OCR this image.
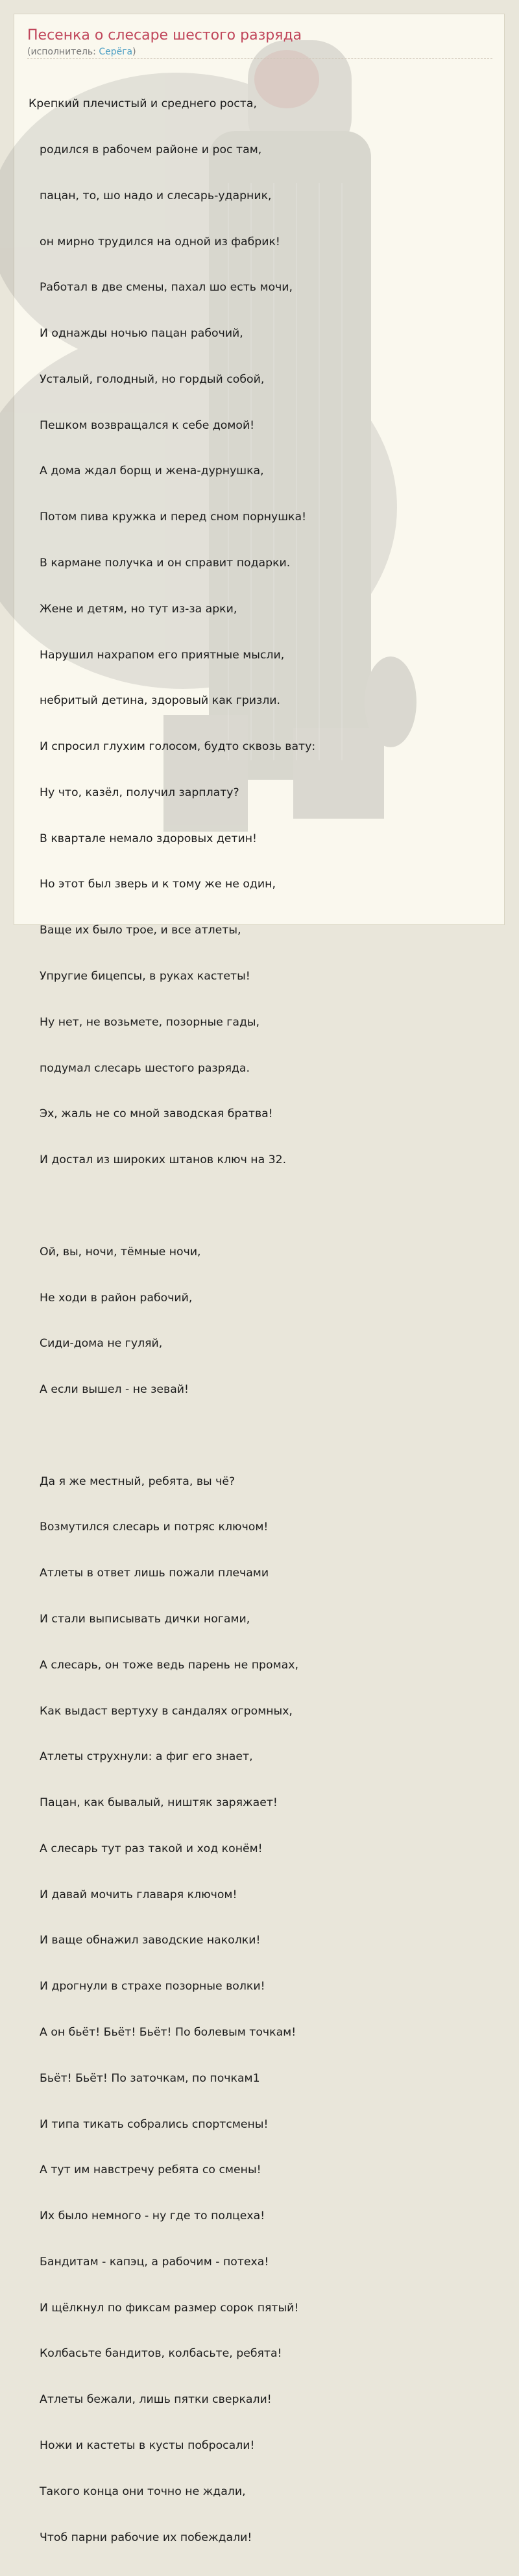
Песенка о слесаре шестого разряда
(исполнитель: Серёга)

Крепкий плечистый и среднего роста,

родился в рабочем районе и рос там,

пацан, то, шо надо и слесарь-ударник,

он мирно трудился на одной из фабрик!

Работал в две смены, пахал шо есть мочи,

И однажды ночью пацан рабочий,

Усталый, голодный, но гордый собой,

Пешком возвращался к себе домой!

А дома ждал борщ и жена-дурнушка,

Потом пива кружка и перед сном порнушка!

В кармане получка и он справит подарки.

Жене и детям, но тут из-за арки,

Нарушил нахрапом его приятные мысли,

небритый детина, здоровый как гризли.

И спросил глухим голосом, будто сквозь вату:

Ну что, казёл, получил зарплату?

В квартале немало здоровых детин!

Но этот был зверь и к тому же не один,

Ваще их было трое, и все атлеты,

Упругие бицепсы, в руках кастеты!

Ну нет, не возьмете, позорные гады,

подумал слесарь шестого разряда.

Эх, жаль не со мной заводская братва!

И достал из широких штанов ключ на 32.

Ой, вы, ночи, тёмные ночи,

Не ходи в район рабочий,

Сиди-дома не гуляй,

А если вышел - не зевай!

Да я же местный, ребята, вы чё?

Возмутился слесарь и потряс ключом!

Атлеты в ответ лишь пожали плечами

И стали выписывать дички ногами,

А слесарь, он тоже ведь парень не промах,

Как выдаст вертуху в сандалях огромных,

Атлеты струхнули: а фиг его знает,

Пацан, как бывалый, ништяк заряжает!

А слесарь тут раз такой и ход конём!

И давай мочить главаря ключом!

И ваще обнажил заводские наколки!

И дрогнули в страхе позорные волки!

А он бьёт! Бьёт! Бьёт! По болевым точкам!

Бьёт! Бьёт! По заточкам, по почкам1

И типа тикать собрались спортсмены!

А тут им навстречу ребята со смены!

Их было немного - ну где то полцеха!

Бандитам - капэц, а рабочим - потеха!

И щёлкнул по фиксам размер сорок пятый!

Колбасьте бандитов, колбасьте, ребята!

Атлеты бежали, лишь пятки сверкали!

Ножи и кастеты в кусты побросали!

Такого конца они точно не ждали,

Чтоб парни рабочие их побеждали!
